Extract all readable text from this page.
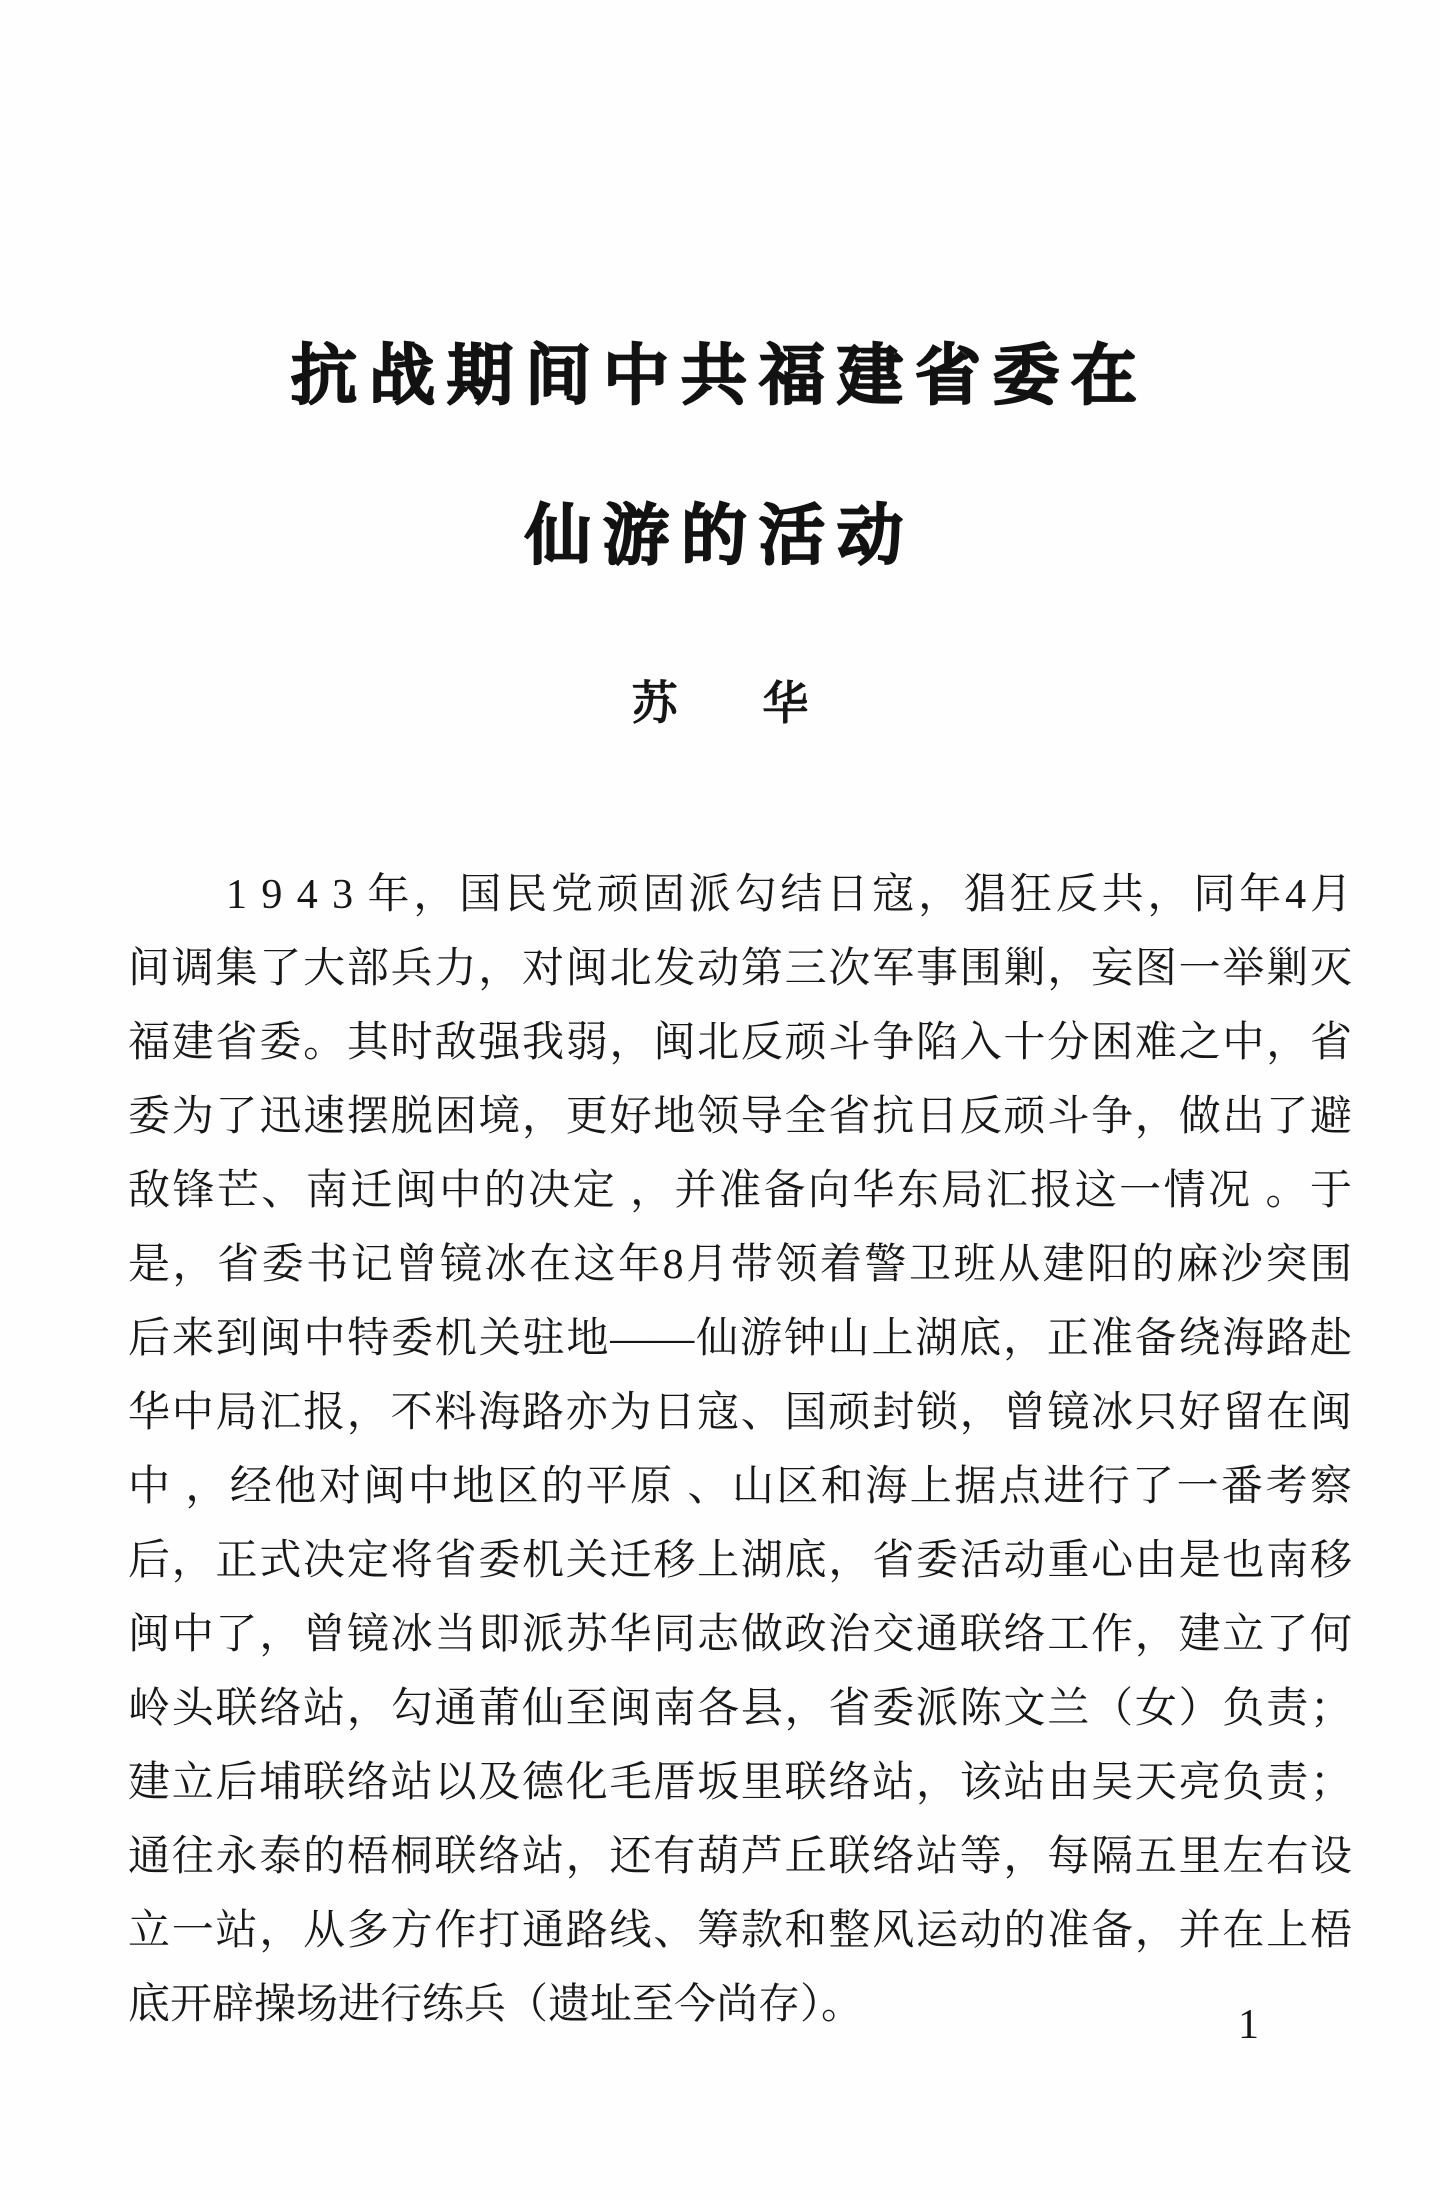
抗战期间中共福建省委在
仙游的活动
苏 华
1 9 4 3 年，国民党顽固派勾结日寇，猖狂反共，同年4月
间调集了大部兵力，对闽北发动第三次军事围剿，妄图一举剿灭
福建省委。其时敌强我弱，闽北反顽斗争陷入十分困难之中，省
委为了迅速摆脱困境，更好地领导全省抗日反顽斗争，做出了避
敌锋芒、南迁闽中的决定 ，并准备向华东局汇报这一情况 。于
是，省委书记曾镜冰在这年8月带领着警卫班从建阳的麻沙突围
后来到闽中特委机关驻地——仙游钟山上湖底，正准备绕海路赴
华中局汇报，不料海路亦为日寇、国顽封锁，曾镜冰只好留在闽
中 ，经他对闽中地区的平原 、山区和海上据点进行了一番考察
后，正式决定将省委机关迁移上湖底，省委活动重心由是也南移
闽中了，曾镜冰当即派苏华同志做政治交通联络工作，建立了何
岭头联络站，勾通莆仙至闽南各县，省委派陈文兰（女）负责；
建立后埔联络站以及德化毛厝坂里联络站，该站由吴天亮负责；
通往永泰的梧桐联络站，还有葫芦丘联络站等，每隔五里左右设
立一站，从多方作打通路线、筹款和整风运动的准备，并在上梧
底开辟操场进行练兵（遗址至今尚存）。	1
